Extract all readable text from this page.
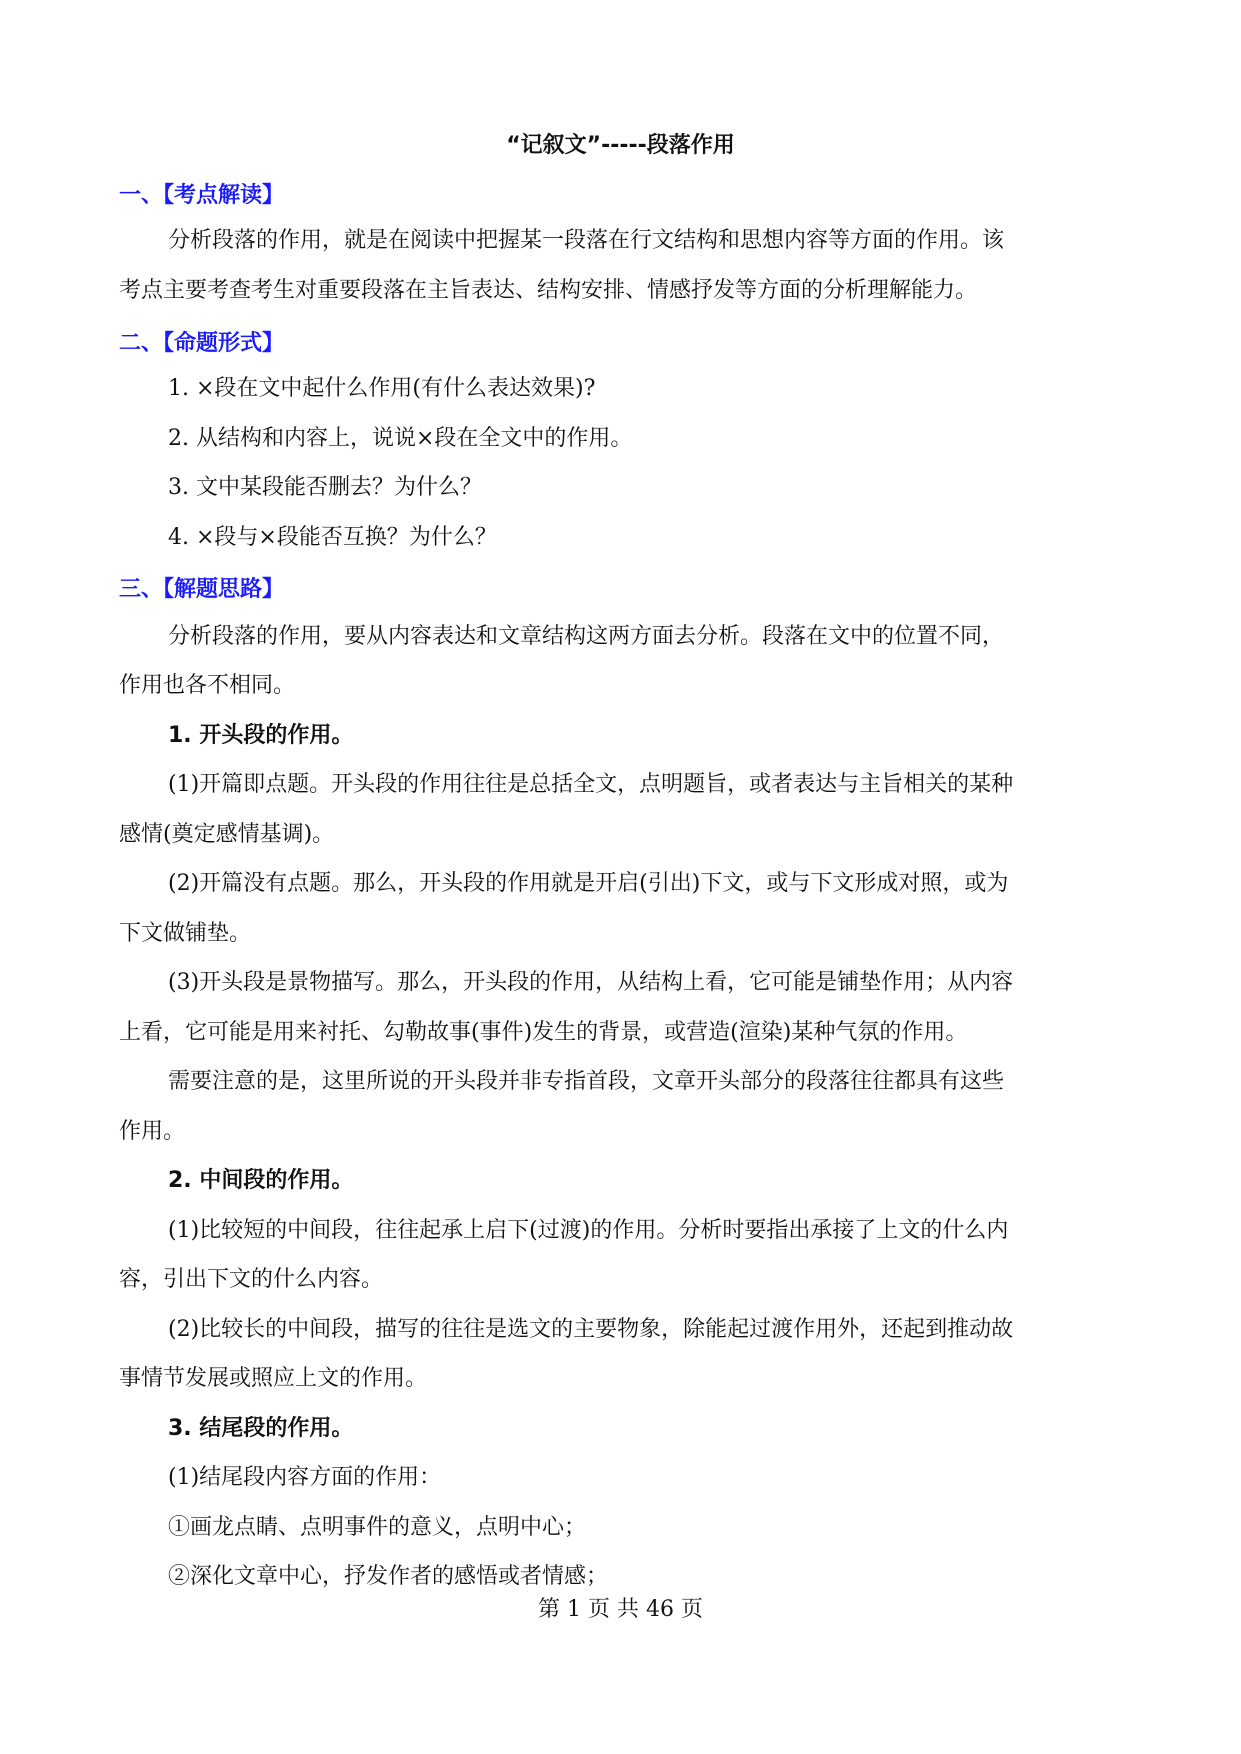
“记叙文”-----段落作用
一、【考点解读】
分析段落的作用，就是在阅读中把握某一段落在行文结构和思想内容等方面的作用。该
考点主要考查考生对重要段落在主旨表达、结构安排、情感抒发等方面的分析理解能力。
二、【命题形式】
1. ×段在文中起什么作用(有什么表达效果)?
2. 从结构和内容上，说说×段在全文中的作用。
3. 文中某段能否删去？为什么？
4. ×段与×段能否互换？为什么？
三、【解题思路】
分析段落的作用，要从内容表达和文章结构这两方面去分析。段落在文中的位置不同，
作用也各不相同。
1. 开头段的作用。
(1)开篇即点题。开头段的作用往往是总括全文，点明题旨，或者表达与主旨相关的某种
感情(奠定感情基调)。
(2)开篇没有点题。那么，开头段的作用就是开启(引出)下文，或与下文形成对照，或为
下文做铺垫。
(3)开头段是景物描写。那么，开头段的作用，从结构上看，它可能是铺垫作用；从内容
上看，它可能是用来衬托、勾勒故事(事件)发生的背景，或营造(渲染)某种气氛的作用。
需要注意的是，这里所说的开头段并非专指首段，文章开头部分的段落往往都具有这些
作用。
2. 中间段的作用。
(1)比较短的中间段，往往起承上启下(过渡)的作用。分析时要指出承接了上文的什么内
容，引出下文的什么内容。
(2)比较长的中间段，描写的往往是选文的主要物象，除能起过渡作用外，还起到推动故
事情节发展或照应上文的作用。
3. 结尾段的作用。
(1)结尾段内容方面的作用：
①画龙点睛、点明事件的意义，点明中心；
②深化文章中心，抒发作者的感悟或者情感；
第 1 页 共 46 页
